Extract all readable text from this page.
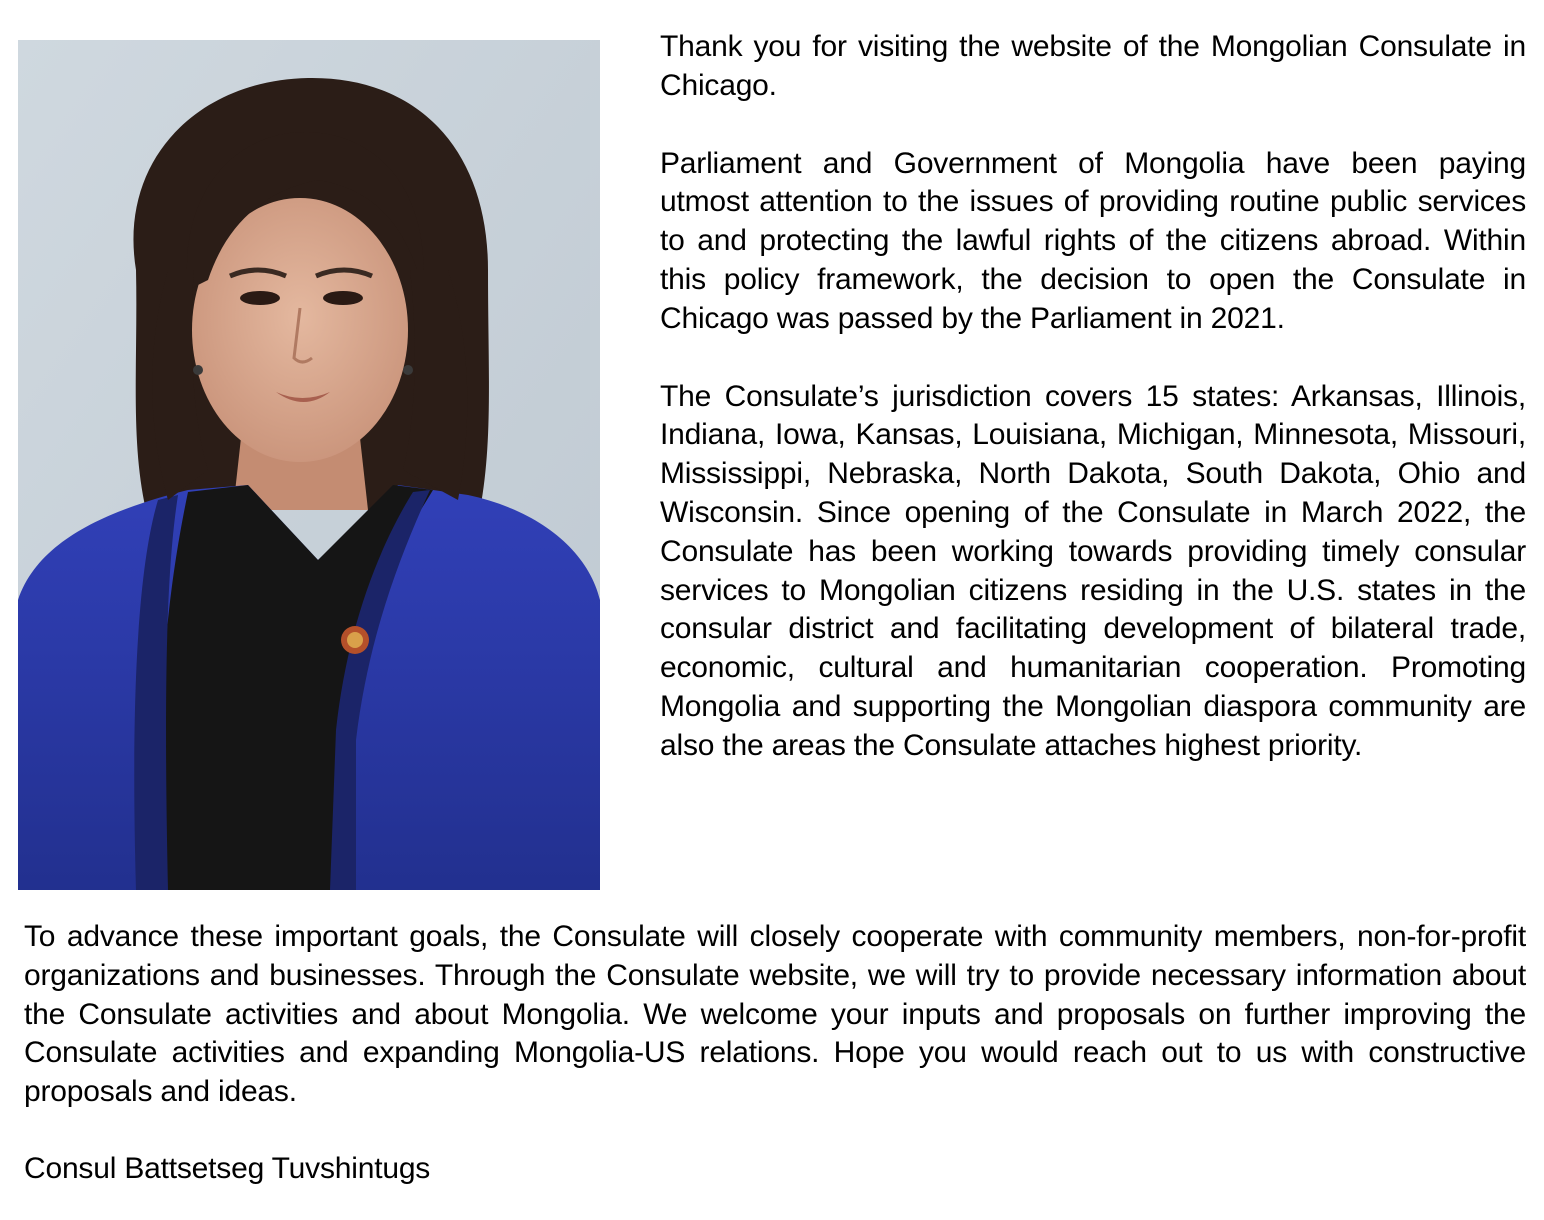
Thank you for visiting the website of the Mongolian Consulate in Chicago.

Parliament and Government of Mongolia have been paying utmost attention to the issues of providing routine public services to and protecting the lawful rights of the citizens abroad. Within this policy framework, the decision to open the Consulate in Chicago was passed by the Parliament in 2021.

The Consulate’s jurisdiction covers 15 states: Arkansas, Illinois, Indiana, Iowa, Kansas, Louisiana, Michigan, Minnesota, Missouri, Mississippi, Nebraska, North Dakota, South Dakota, Ohio and Wisconsin. Since opening of the Consulate in March 2022, the Consulate has been working towards providing timely consular services to Mongolian citizens residing in the U.S. states in the consular district and facilitating development of bilateral trade, economic, cultural and humanitarian cooperation. Promoting Mongolia and supporting the Mongolian diaspora community are also the areas the Consulate attaches highest priority.

To advance these important goals, the Consulate will closely cooperate with community members, non-for-profit organizations and businesses. Through the Consulate website, we will try to provide necessary information about the Consulate activities and about Mongolia. We welcome your inputs and proposals on further improving the Consulate activities and expanding Mongolia-US relations. Hope you would reach out to us with constructive proposals and ideas.

Consul Battsetseg Tuvshintugs
